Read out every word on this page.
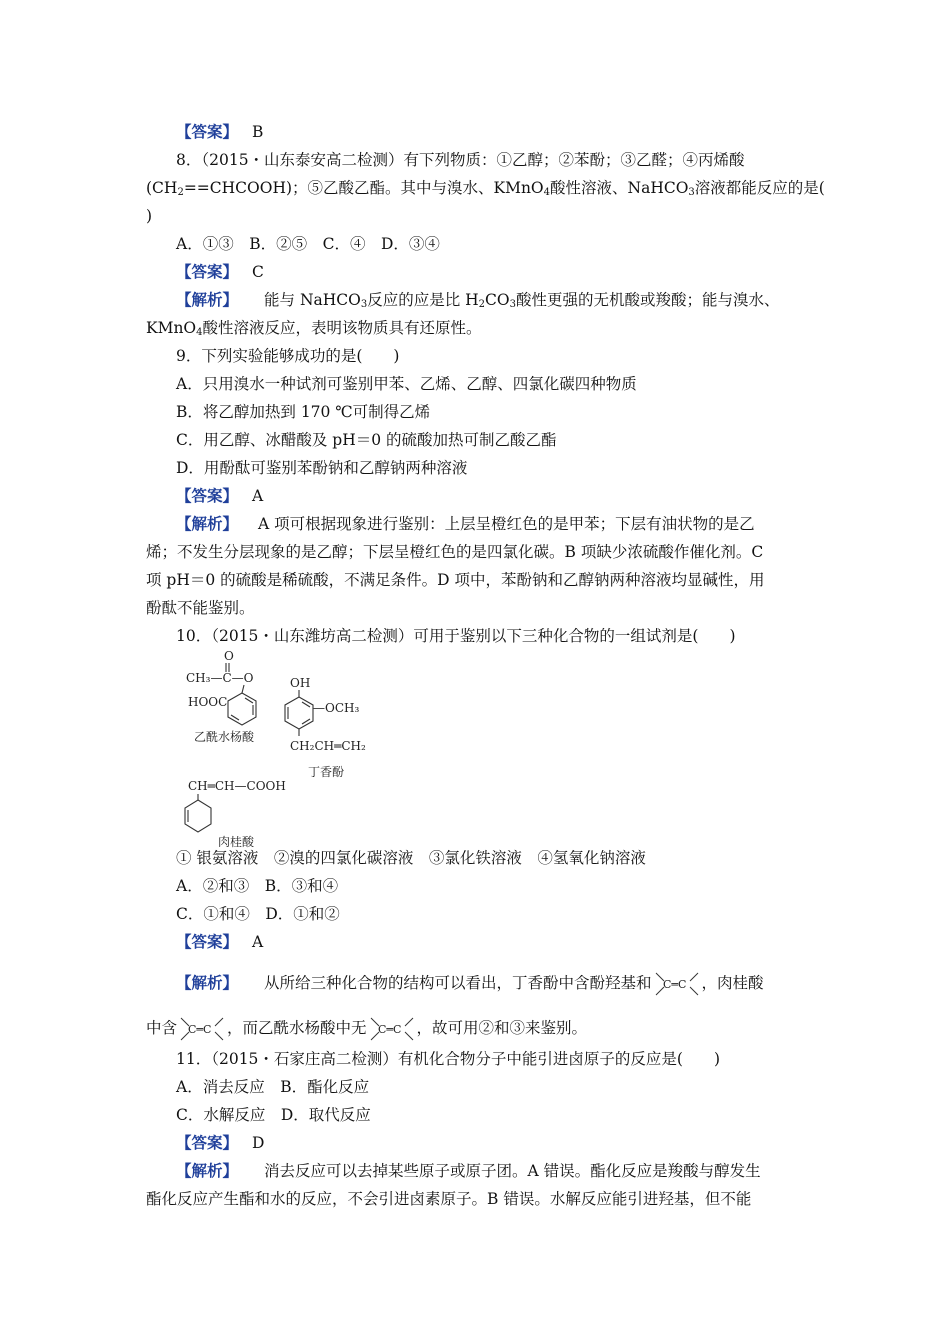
【答案】 B
8．（2015・山东泰安高二检测）有下列物质：①乙醇；②苯酚；③乙醛；④丙烯酸
$(CH_2==CHCOOH)$；⑤乙酸乙酯。其中与溴水、KMnO$_4$酸性溶液、NaHCO$_3$溶液都能反应的是(
)
A．①③　B．②⑤　C．④　D．③④
【答案】 C
【解析】 能与 NaHCO$_3$反应的应是比 $H_2CO_3$酸性更强的无机酸或羧酸；能与溴水、
KMnO$_4$酸性溶液反应，表明该物质具有还原性。
9．下列实验能够成功的是(　　)
A．只用溴水一种试剂可鉴别甲苯、乙烯、乙醇、四氯化碳四种物质
B．将乙醇加热到 170 ℃可制得乙烯
C．用乙醇、冰醋酸及 pH＝0 的硫酸加热可制乙酸乙酯
D．用酚酞可鉴别苯酚钠和乙醇钠两种溶液
【答案】 A
【解析】 A 项可根据现象进行鉴别：上层呈橙红色的是甲苯；下层有油状物的是乙
烯；不发生分层现象的是乙醇；下层呈橙红色的是四氯化碳。B 项缺少浓硫酸作催化剂。C
项 pH＝0 的硫酸是稀硫酸，不满足条件。D 项中，苯酚钠和乙醇钠两种溶液均显碱性，用
酚酞不能鉴别。
10．（2015・山东潍坊高二检测）可用于鉴别以下三种化合物的一组试剂是(　　)
O
CH₃—C—O
HOOC
乙酰水杨酸
OH
—OCH₃
CH₂CH═CH₂
丁香酚
CH═CH—COOH
肉桂酸
① 银氨溶液　②溴的四氯化碳溶液　③氯化铁溶液　④氢氧化钠溶液
A．②和③　B．③和④
C．①和④　D．①和②
【答案】 A
【解析】 从所给三种化合物的结构可以看出，丁香酚中含酚羟基和 C═C ，肉桂酸
中含 C═C ，而乙酰水杨酸中无 C═C ，故可用②和③来鉴别。
11．（2015・石家庄高二检测）有机化合物分子中能引进卤原子的反应是(　　)
A．消去反应　B．酯化反应
C．水解反应　D．取代反应
【答案】 D
【解析】 消去反应可以去掉某些原子或原子团。A 错误。酯化反应是羧酸与醇发生
酯化反应产生酯和水的反应，不会引进卤素原子。B 错误。水解反应能引进羟基，但不能
